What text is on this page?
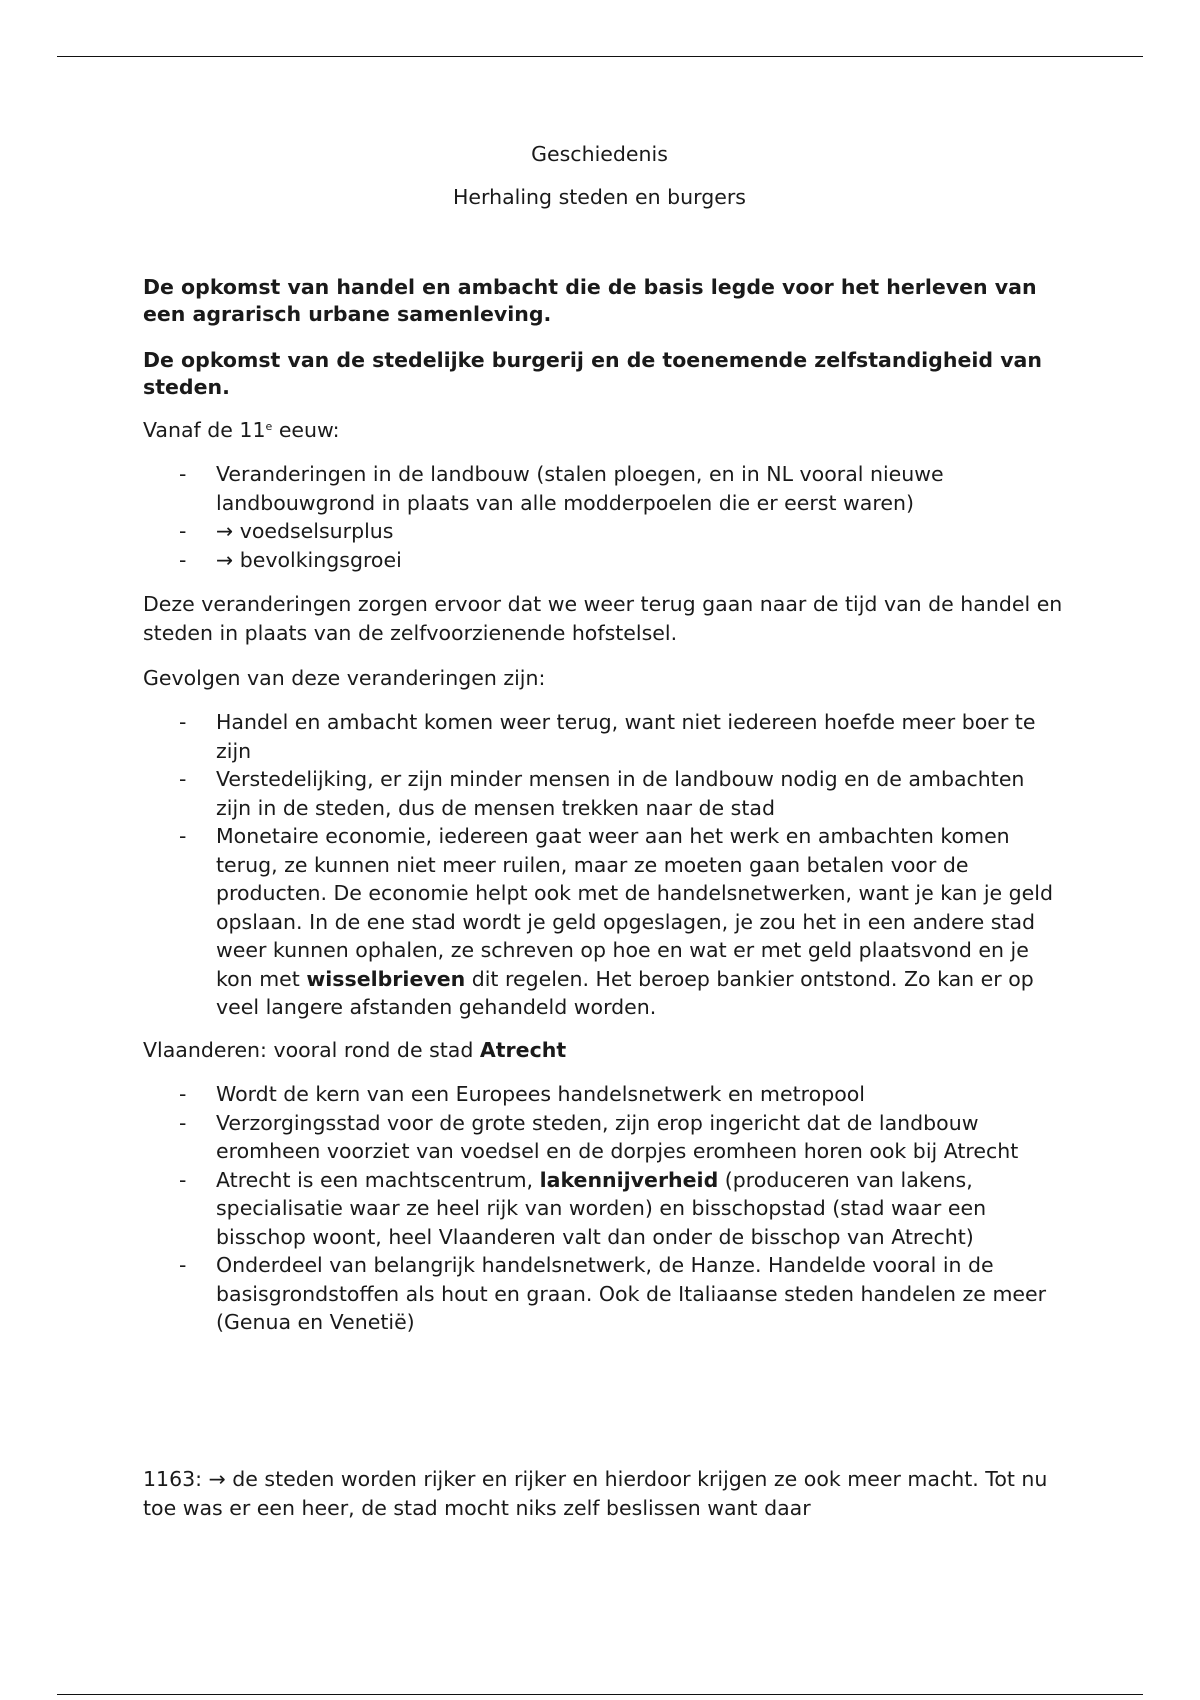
Geschiedenis
Herhaling steden en burgers
De opkomst van handel en ambacht die de basis legde voor het herleven van een agrarisch urbane samenleving.
De opkomst van de stedelijke burgerij en de toenemende zelfstandigheid van steden.
Vanaf de 11e eeuw:
- Veranderingen in de landbouw (stalen ploegen, en in NL vooral nieuwe landbouwgrond in plaats van alle modderpoelen die er eerst waren)
- → voedselsurplus
- → bevolkingsgroei
Deze veranderingen zorgen ervoor dat we weer terug gaan naar de tijd van de handel en steden in plaats van de zelfvoorzienende hofstelsel.
Gevolgen van deze veranderingen zijn:
- Handel en ambacht komen weer terug, want niet iedereen hoefde meer boer te zijn
- Verstedelijking, er zijn minder mensen in de landbouw nodig en de ambachten zijn in de steden, dus de mensen trekken naar de stad
- Monetaire economie, iedereen gaat weer aan het werk en ambachten komen terug, ze kunnen niet meer ruilen, maar ze moeten gaan betalen voor de producten. De economie helpt ook met de handelsnetwerken, want je kan je geld opslaan. In de ene stad wordt je geld opgeslagen, je zou het in een andere stad weer kunnen ophalen, ze schreven op hoe en wat er met geld plaatsvond en je kon met wisselbrieven dit regelen. Het beroep bankier ontstond. Zo kan er op veel langere afstanden gehandeld worden.
Vlaanderen: vooral rond de stad Atrecht
- Wordt de kern van een Europees handelsnetwerk en metropool
- Verzorgingsstad voor de grote steden, zijn erop ingericht dat de landbouw eromheen voorziet van voedsel en de dorpjes eromheen horen ook bij Atrecht
- Atrecht is een machtscentrum, lakennijverheid (produceren van lakens, specialisatie waar ze heel rijk van worden) en bisschopstad (stad waar een bisschop woont, heel Vlaanderen valt dan onder de bisschop van Atrecht)
- Onderdeel van belangrijk handelsnetwerk, de Hanze. Handelde vooral in de basisgrondstoffen als hout en graan. Ook de Italiaanse steden handelen ze meer (Genua en Venetië)
1163: → de steden worden rijker en rijker en hierdoor krijgen ze ook meer macht. Tot nu toe was er een heer, de stad mocht niks zelf beslissen want daar
